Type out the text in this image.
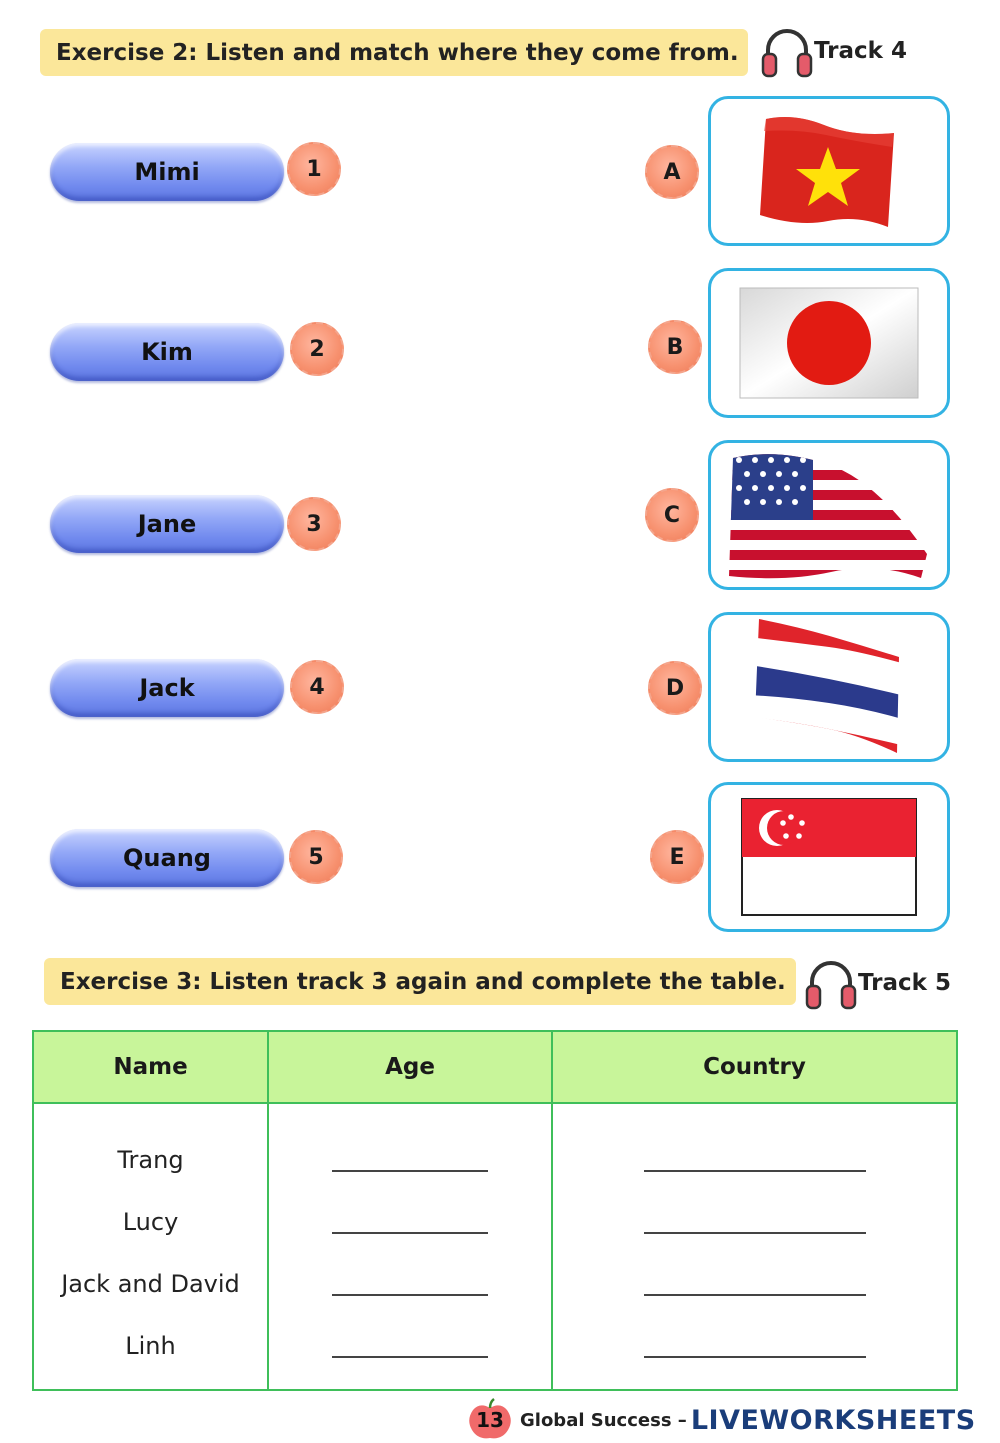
Exercise 2: Listen and match where they come from.	Track 4
Mimi
Kim
Jane
Jack
Quang
1
2
3
4
5
A
B
C
D
E
Exercise 3: Listen track 3 again and complete the table.	Track 5
Name	Age	Country

Trang
Lucy
Jack and David
Linh		

13 Global Success – LIVEWORKSHEETS
